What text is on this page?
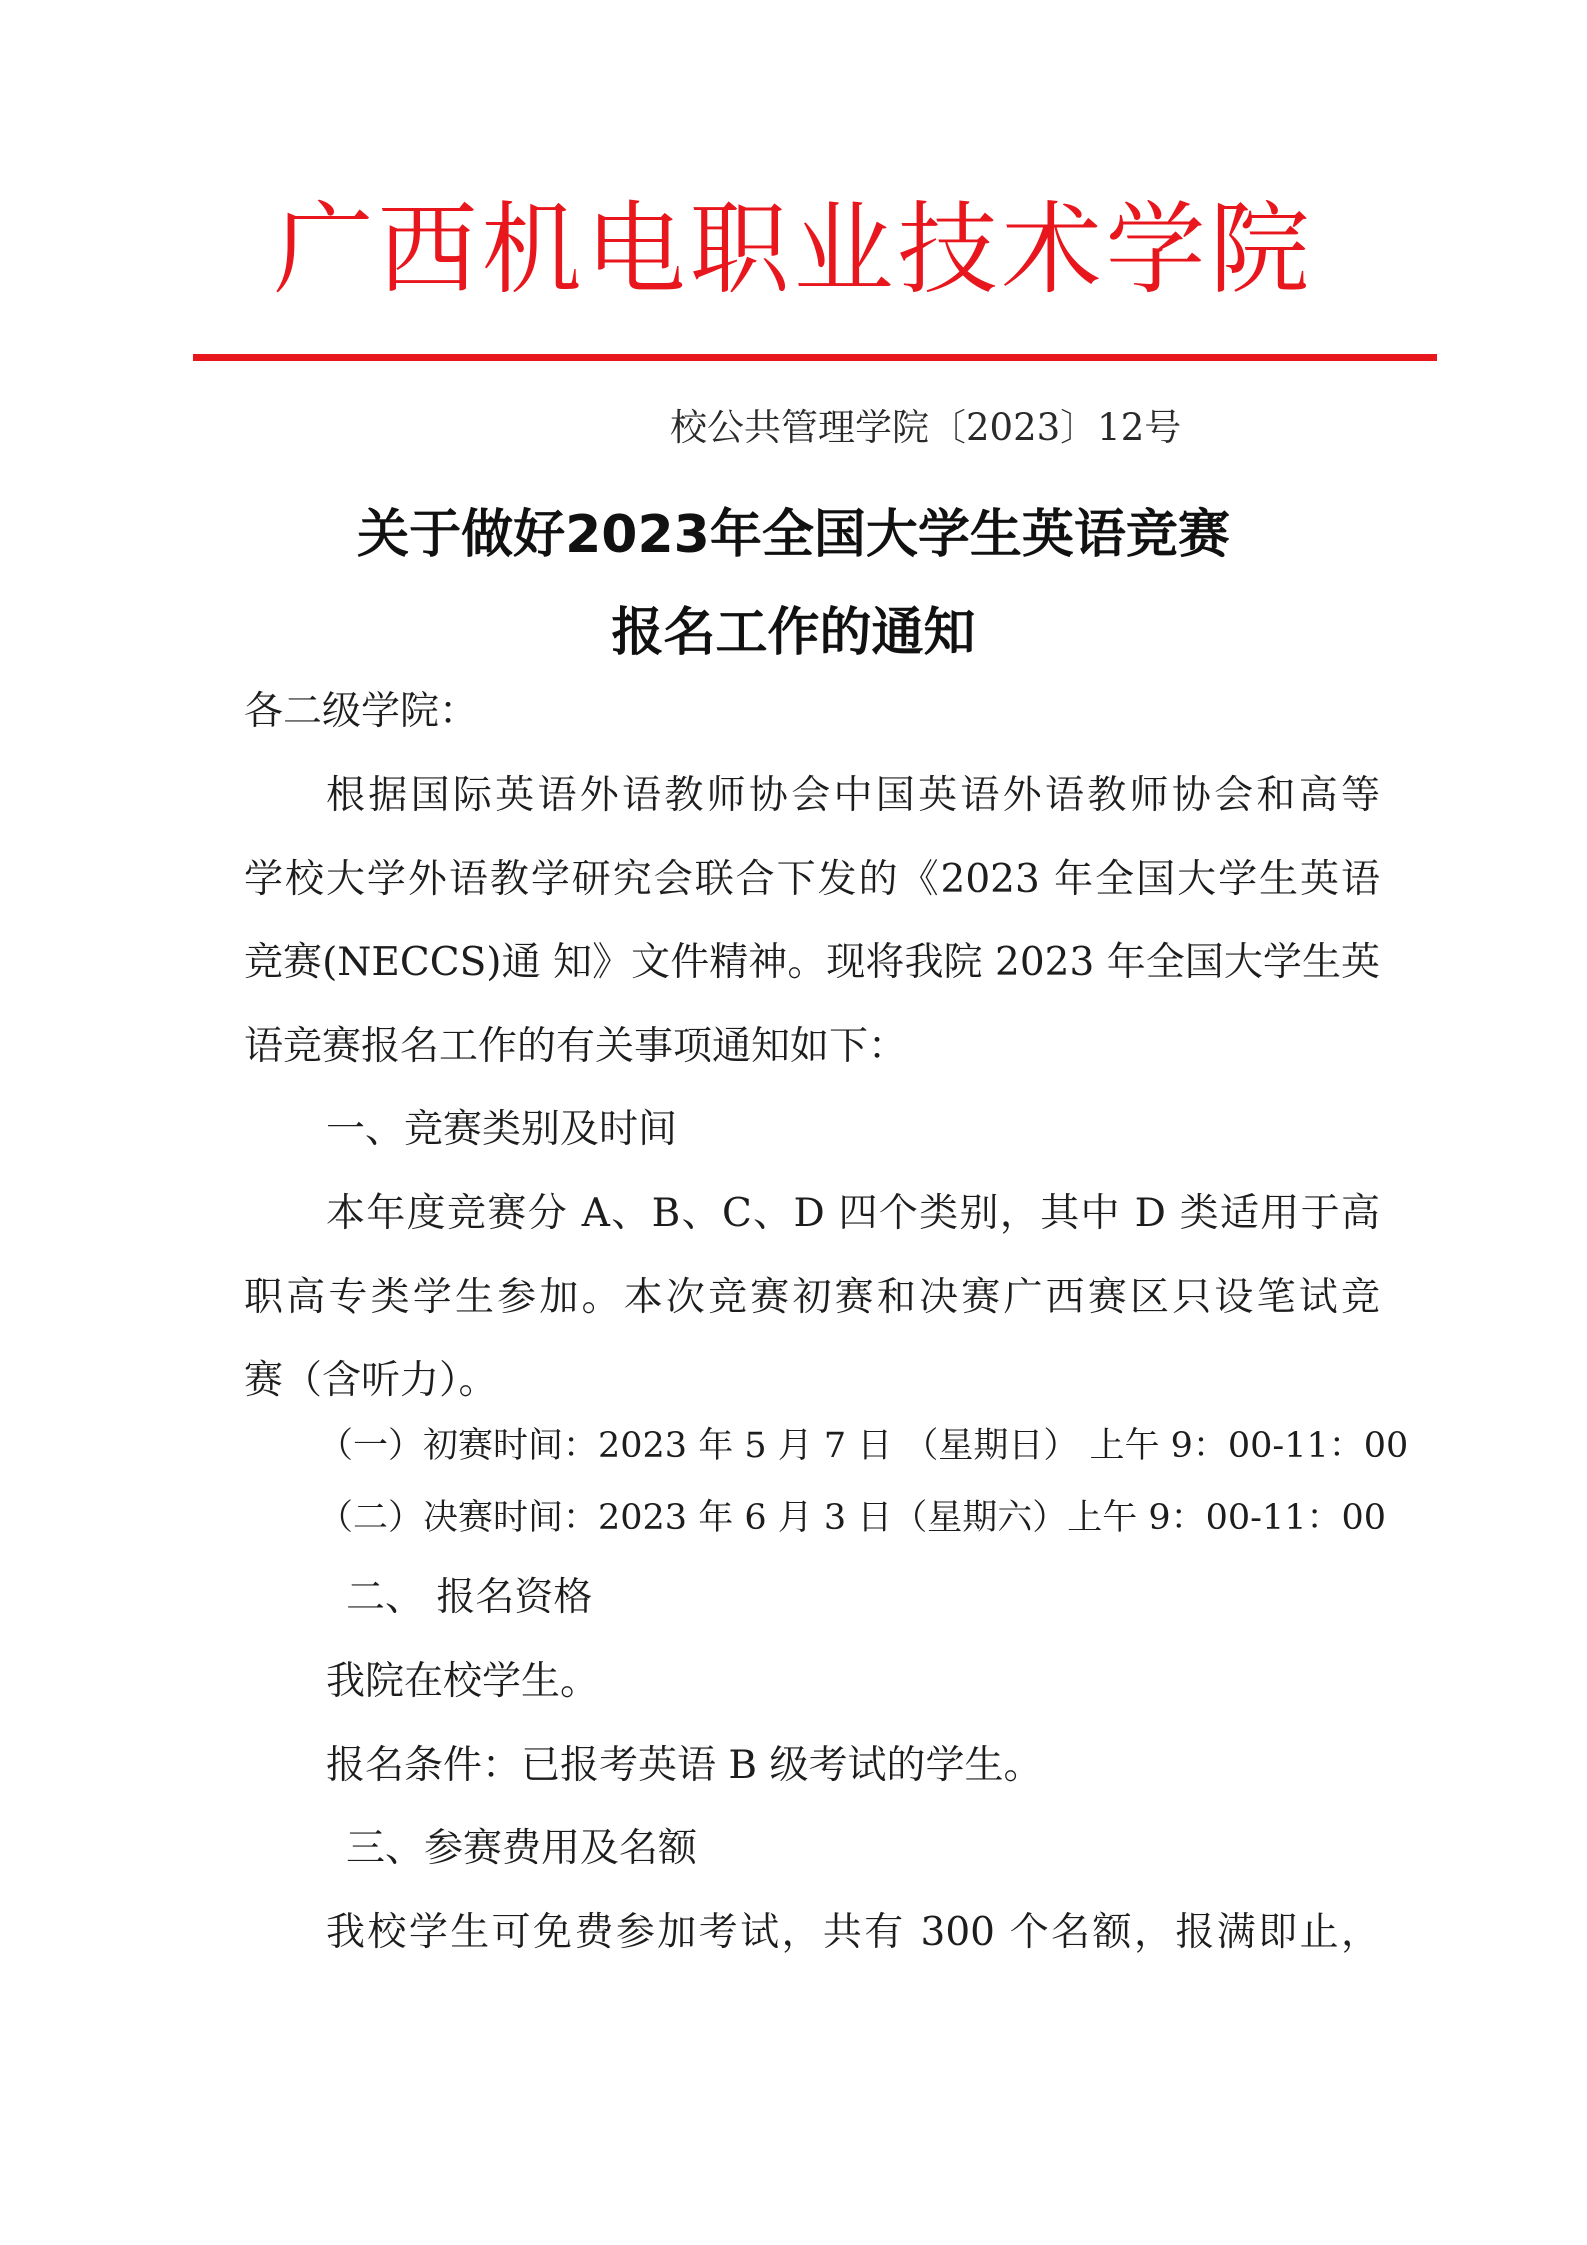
广西机电职业技术学院
校公共管理学院〔2023〕12号
关于做好2023年全国大学生英语竞赛
报名工作的通知
各二级学院：
根据国际英语外语教师协会中国英语外语教师协会和高等
学校大学外语教学研究会联合下发的《2023 年全国大学生英语
竞赛(NECCS)通 知》文件精神。现将我院 2023 年全国大学生英
语竞赛报名工作的有关事项通知如下：
一、竞赛类别及时间
本年度竞赛分 A、B、C、D 四个类别，其中 D 类适用于高
职高专类学生参加。本次竞赛初赛和决赛广西赛区只设笔试竞
赛（含听力）。
（一）初赛时间：2023 年 5 月 7 日 （星期日） 上午 9：00-11：00
（二）决赛时间：2023 年 6 月 3 日（星期六）上午 9：00-11：00
二、 报名资格
我院在校学生。
报名条件：已报考英语 B 级考试的学生。
三、参赛费用及名额
我校学生可免费参加考试，共有 300 个名额，报满即止，
